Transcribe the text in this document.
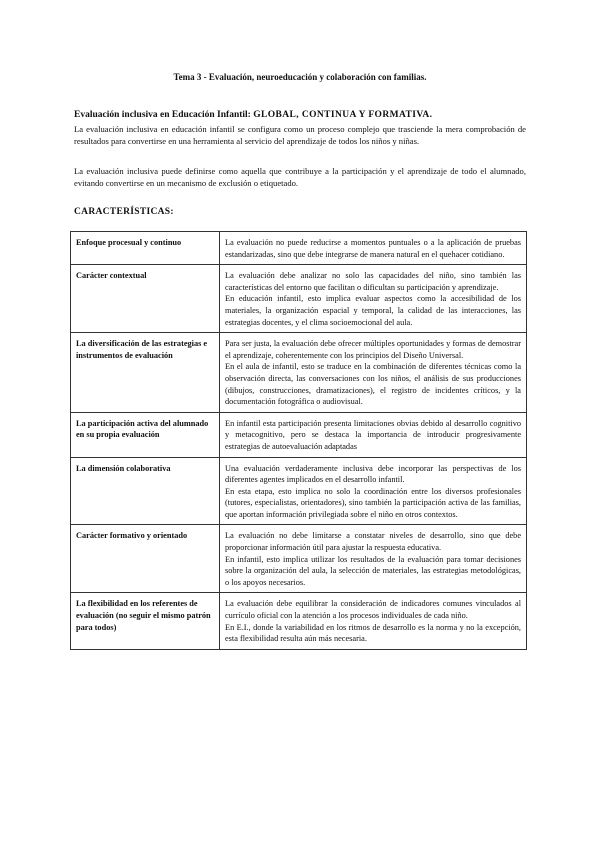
Tema 3 - Evaluación, neuroeducación y colaboración con familias.
Evaluación inclusiva en Educación Infantil: GLOBAL, CONTINUA Y FORMATIVA.

La evaluación inclusiva en educación infantil se configura como un proceso complejo que trasciende la mera comprobación de resultados para convertirse en una herramienta al servicio del aprendizaje de todos los niños y niñas.

La evaluación inclusiva puede definirse como aquella que contribuye a la participación y el aprendizaje de todo el alumnado, evitando convertirse en un mecanismo de exclusión o etiquetado.

CARACTERÍSTICAS:
Enfoque procesual y continuo	La evaluación no puede reducirse a momentos puntuales o a la aplicación de pruebas estandarizadas, sino que debe integrarse de manera natural en el quehacer cotidiano.

Carácter contextual	La evaluación debe analizar no solo las capacidades del niño, sino también las características del entorno que facilitan o dificultan su participación y aprendizaje.

En educación infantil, esto implica evaluar aspectos como la accesibilidad de los materiales, la organización espacial y temporal, la calidad de las interacciones, las estrategias docentes, y el clima socioemocional del aula.

La diversificación de las estrategias e instrumentos de evaluación	Para ser justa, la evaluación debe ofrecer múltiples oportunidades y formas de demostrar el aprendizaje, coherentemente con los principios del Diseño Universal.

En el aula de infantil, esto se traduce en la combinación de diferentes técnicas como la observación directa, las conversaciones con los niños, el análisis de sus producciones (dibujos, construcciones, dramatizaciones), el registro de incidentes críticos, y la documentación fotográfica o audiovisual.

La participación activa del alumnado en su propia evaluación	En infantil esta participación presenta limitaciones obvias debido al desarrollo cognitivo y metacognitivo, pero se destaca la importancia de introducir progresivamente estrategias de autoevaluación adaptadas

La dimensión colaborativa	Una evaluación verdaderamente inclusiva debe incorporar las perspectivas de los diferentes agentes implicados en el desarrollo infantil.

En esta etapa, esto implica no solo la coordinación entre los diversos profesionales (tutores, especialistas, orientadores), sino también la participación activa de las familias, que aportan información privilegiada sobre el niño en otros contextos.

Carácter formativo y orientado	La evaluación no debe limitarse a constatar niveles de desarrollo, sino que debe proporcionar información útil para ajustar la respuesta educativa.

En infantil, esto implica utilizar los resultados de la evaluación para tomar decisiones sobre la organización del aula, la selección de materiales, las estrategias metodológicas, o los apoyos necesarios.

La flexibilidad en los referentes de evaluación (no seguir el mismo patrón para todos)	La evaluación debe equilibrar la consideración de indicadores comunes vinculados al currículo oficial con la atención a los procesos individuales de cada niño.

En E.I., donde la variabilidad en los ritmos de desarrollo es la norma y no la excepción, esta flexibilidad resulta aún más necesaria.
